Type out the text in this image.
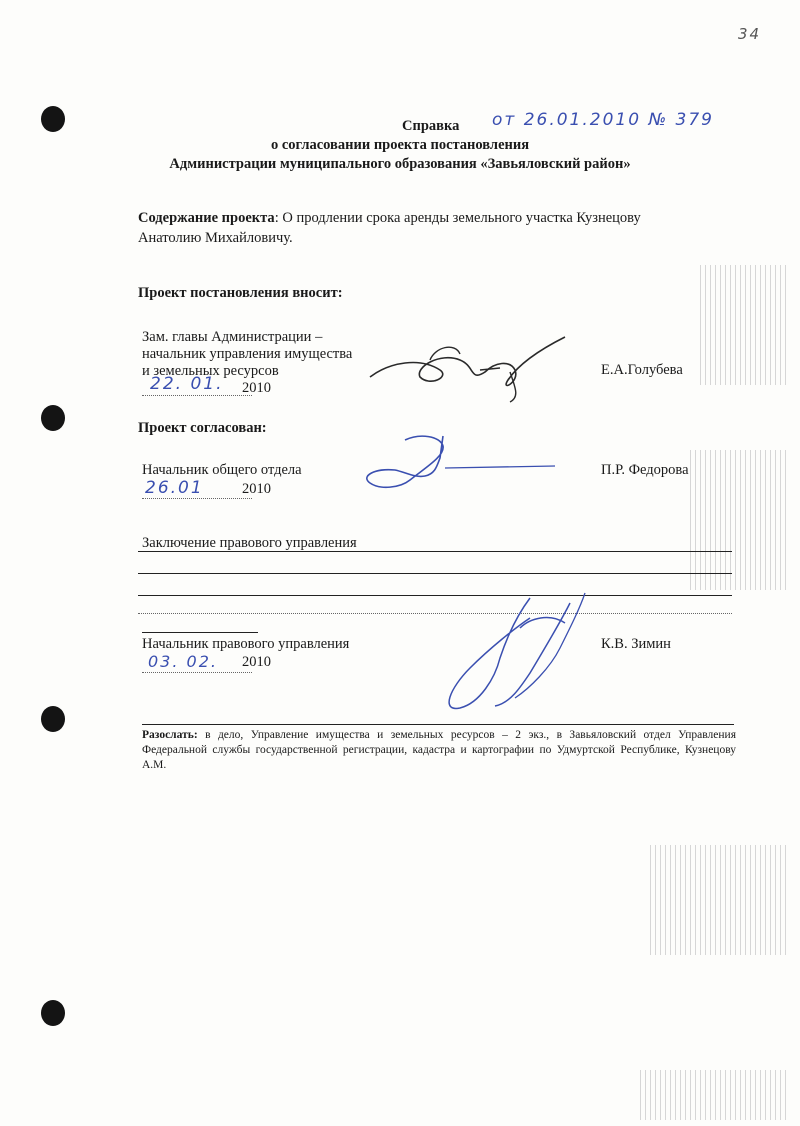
34
Справка от 26.01.2010 № 379
о согласовании проекта постановления
Администрации муниципального образования «Завьяловский район»
Содержание проекта: О продлении срока аренды земельного участка Кузнецову
Анатолию Михайловичу.
Проект постановления вносит:
Зам. главы Администрации –
начальник управления имущества
и земельных ресурсов
22. 01. 2010
Е.А.Голубева
Проект согласован:
Начальник общего отдела
26.01	2010
П.Р. Федорова
Заключение правового управления
Начальник правового управления
03. 02. 2010
К.В. Зимин
Разослать: в дело, Управление имущества и земельных ресурсов – 2 экз., в Завьяловский отдел Управления Федеральной службы государственной регистрации, кадастра и картографии по Удмуртской Республике, Кузнецову А.М.
